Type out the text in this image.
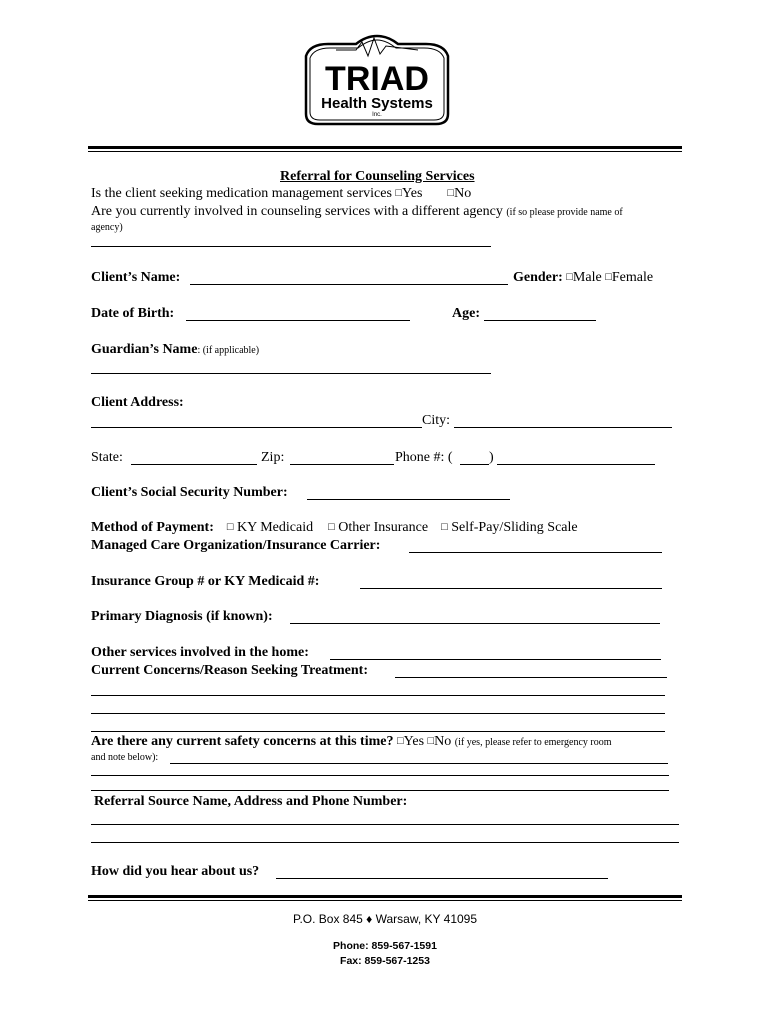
TRIAD
Health Systems
Inc.
Referral for Counseling Services
Is the client seeking medication management services □Yes □No
Are you currently involved in counseling services with a different agency (if so please provide name of
agency)
Client’s Name:	Gender: □Male □Female
Date of Birth:	Age:
Guardian’s Name: (if applicable)
Client Address:
City:
State:	Zip:	Phone #: (	)
Client’s Social Security Number:
Method of Payment: □ KY Medicaid □ Other Insurance □ Self-Pay/Sliding Scale
Managed Care Organization/Insurance Carrier:
Insurance Group # or KY Medicaid #:
Primary Diagnosis (if known):
Other services involved in the home:
Current Concerns/Reason Seeking Treatment:
Are there any current safety concerns at this time? □Yes □No (if yes, please refer to emergency room
and note below):
Referral Source Name, Address and Phone Number:
How did you hear about us?
P.O. Box 845 ♦ Warsaw, KY 41095
Phone: 859-567-1591
Fax: 859-567-1253
